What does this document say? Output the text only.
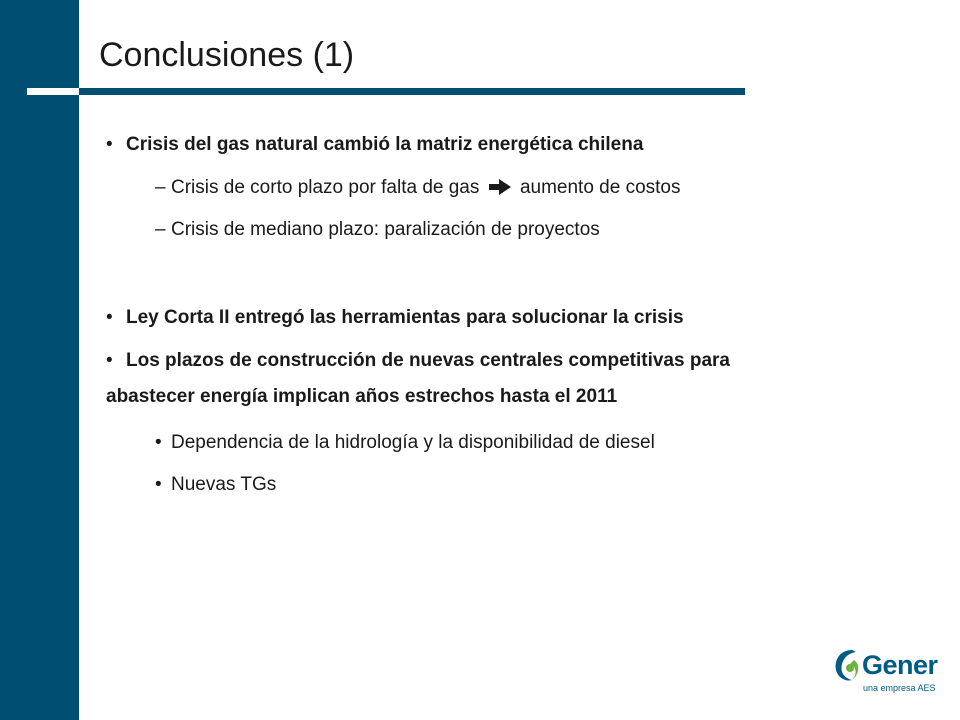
Conclusiones (1)
• Crisis del gas natural cambió la matriz energética chilena
– Crisis de corto plazo por falta de gas aumento de costos
– Crisis de mediano plazo: paralización de proyectos
• Ley Corta II entregó las herramientas para solucionar la crisis
• Los plazos de construcción de nuevas centrales competitivas para
abastecer energía implican años estrechos hasta el 2011
• Dependencia de la hidrología y la disponibilidad de diesel
• Nuevas TGs
Gener
una empresa AES
